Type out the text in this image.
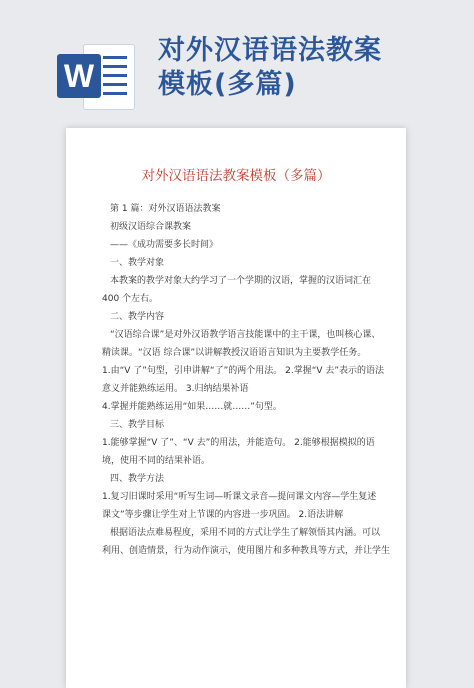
W
对外汉语语法教案
模板(多篇)
对外汉语语法教案模板（多篇）

第 1 篇：对外汉语语法教案

初级汉语综合课教案

——《成功需要多长时间》

一、教学对象

本教案的教学对象大约学习了一个学期的汉语，掌握的汉语词汇在

400 个左右。

二、教学内容

“汉语综合课”是对外汉语教学语言技能课中的主干课，也叫核心课、

精读课。“汉语 综合课”以讲解教授汉语语言知识为主要教学任务。

1.由“V 了”句型，引申讲解“了”的两个用法。 2.掌握“V 去”表示的语法

意义并能熟练运用。 3.归纳结果补语

4.掌握并能熟练运用“如果……就……”句型。

三、教学目标

1.能够掌握“V 了”、“V 去”的用法，并能造句。 2.能够根据模拟的语

境，使用不同的结果补语。

四、教学方法

1.复习旧课时采用“听写生词—听课文录音—提问课文内容—学生复述

课文”等步骤让学生对上节课的内容进一步巩固。 2.语法讲解

根据语法点难易程度，采用不同的方式让学生了解领悟其内涵。可以

利用、创造情景，行为动作演示，使用图片和多种教具等方式，并让学生
